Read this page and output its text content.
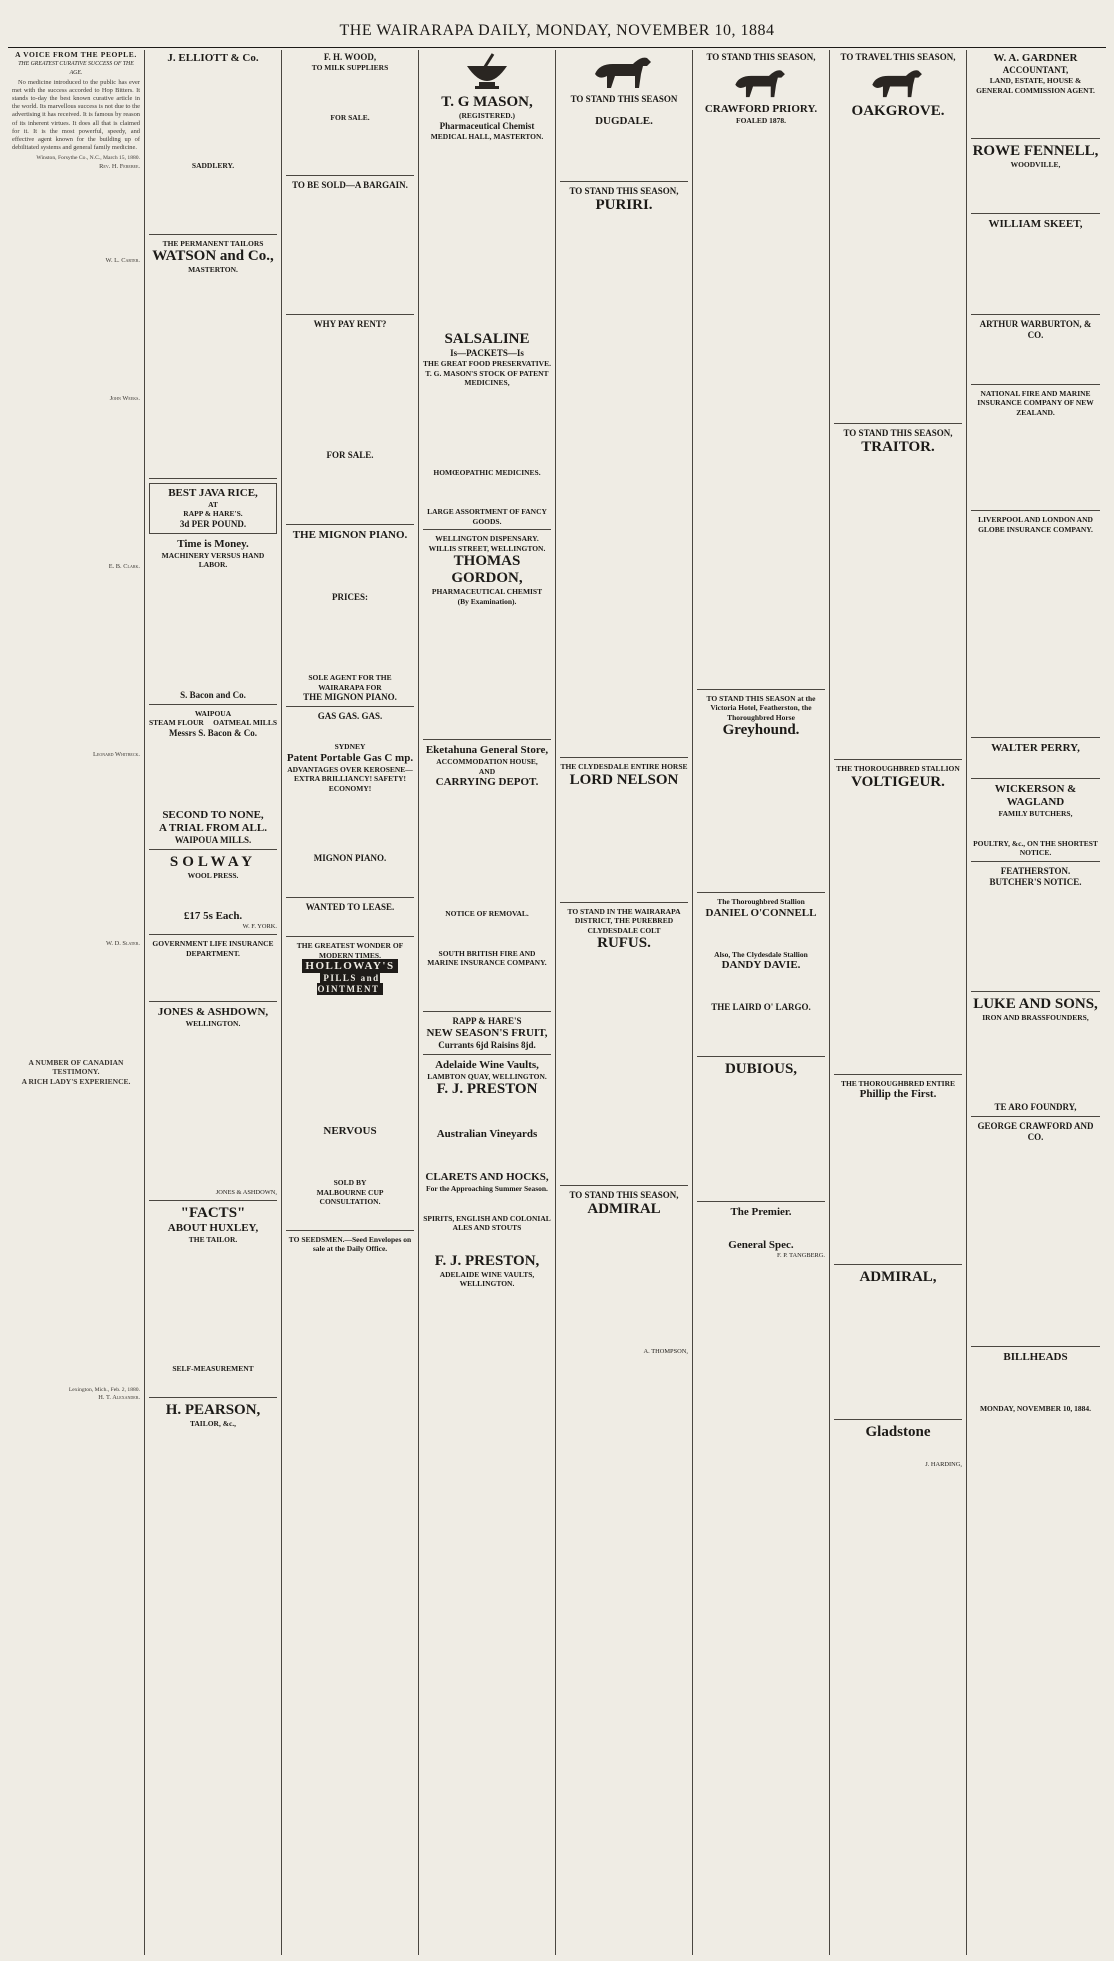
THE WAIRARAPA DAILY, MONDAY, NOVEMBER 10, 1884
A VOICE FROM THE PEOPLE.
THE GREATEST CURATIVE SUCCESS OF THE AGE.

No medicine introduced to the public has ever met with the success accorded to Hop Bitters. It stands to-day the best known curative article in the world. Its marvellous success is not due to the advertising it has received. It is famous by reason of its inherent virtues. It does all that is claimed for it. It is the most powerful, speedy, and effective agent known for the building up of debilitated systems and general family medicine.

Winston, Forsythe Co., N.C., March 15, 1880.
Rev. H. Ferebee.
W. L. Carter.
John Weeks.
E. B. Clark.
Leonard Whitbeck.
W. D. Slater.
A NUMBER OF CANADIAN TESTIMONY.
A RICH LADY'S EXPERIENCE.
Lexington, Mich., Feb. 2, 1880.
H. T. Alexander.
J. ELLIOTT & Co.
SADDLERY.
THE PERMANENT TAILORS
WATSON and Co.,
MASTERTON.
BEST JAVA RICE,
AT
RAPP & HARE'S.
3d PER POUND.
Time is Money.
MACHINERY VERSUS HAND LABOR.
S. Bacon and Co.
WAIPOUA
STEAM FLOUR OATMEAL MILLS
Messrs S. Bacon & Co.
SECOND TO NONE,
A TRIAL FROM ALL.
WAIPOUA MILLS.
SOLWAY
WOOL PRESS.
£17 5s Each.
W. F. YORK.
GOVERNMENT LIFE INSURANCE DEPARTMENT.
JONES & ASHDOWN,
WELLINGTON.
JONES & ASHDOWN,
"FACTS"
ABOUT HUXLEY,
THE TAILOR.
SELF-MEASUREMENT
H. PEARSON,
TAILOR, &c.,
F. H. WOOD,
TO MILK SUPPLIERS
FOR SALE.
TO BE SOLD—A BARGAIN.
WHY PAY RENT?
FOR SALE.
THE MIGNON PIANO.
PRICES:
SOLE AGENT FOR THE WAIRARAPA FOR
THE MIGNON PIANO.
GAS GAS. GAS.
SYDNEY
Patent Portable Gas C mp.
ADVANTAGES OVER KEROSENE—
EXTRA BRILLIANCY! SAFETY! ECONOMY!
MIGNON PIANO.
WANTED TO LEASE.
THE GREATEST WONDER OF MODERN TIMES.
HOLLOWAY'S
PILLS and OINTMENT
NERVOUS
SOLD BY
MALBOURNE CUP CONSULTATION.
TO SEEDSMEN.—Seed Envelopes on sale at the Daily Office.
T. G MASON,
(REGISTERED.)
Pharmaceutical Chemist
MEDICAL HALL, MASTERTON.
SALSALINE
Is—PACKETS—Is
THE GREAT FOOD PRESERVATIVE.
T. G. MASON'S STOCK OF PATENT MEDICINES,
HOMŒOPATHIC MEDICINES.
LARGE ASSORTMENT OF FANCY GOODS.
WELLINGTON DISPENSARY.
WILLIS STREET, WELLINGTON.
THOMAS GORDON,
PHARMACEUTICAL CHEMIST
(By Examination).
Eketahuna General Store,
ACCOMMODATION HOUSE,
AND
CARRYING DEPOT.
NOTICE OF REMOVAL.
SOUTH BRITISH FIRE AND MARINE INSURANCE COMPANY.
RAPP & HARE'S
NEW SEASON'S FRUIT,
Currants 6jd Raisins 8jd.
Adelaide Wine Vaults,
LAMBTON QUAY, WELLINGTON.
F. J. PRESTON
Australian Vineyards
CLARETS AND HOCKS,
For the Approaching Summer Season.
SPIRITS, ENGLISH AND COLONIAL ALES AND STOUTS
F. J. PRESTON,
ADELAIDE WINE VAULTS, WELLINGTON.
TO STAND THIS SEASON
DUGDALE.
TO STAND THIS SEASON,
PURIRI.
THE CLYDESDALE ENTIRE HORSE
LORD NELSON
TO STAND IN THE WAIRARAPA DISTRICT, THE PUREBRED CLYDESDALE COLT
RUFUS.
TO STAND THIS SEASON,
ADMIRAL
A. THOMPSON,
TO STAND THIS SEASON,
CRAWFORD PRIORY.
FOALED 1878.
TO STAND THIS SEASON at the Victoria Hotel, Featherston, the Thoroughbred Horse
Greyhound.
The Thoroughbred Stallion
DANIEL O'CONNELL
Also, The Clydesdale Stallion
DANDY DAVIE.
THE LAIRD O' LARGO.
DUBIOUS,
The Premier.
General Spec.
F. P. TANGBERG.
TO TRAVEL THIS SEASON,
OAKGROVE.
TO STAND THIS SEASON,
TRAITOR.
THE THOROUGHBRED STALLION
VOLTIGEUR.
THE THOROUGHBRED ENTIRE
Phillip the First.
ADMIRAL,
Gladstone
J. HARDING,
W. A. GARDNER
ACCOUNTANT,
LAND, ESTATE, HOUSE & GENERAL COMMISSION AGENT.
ROWE FENNELL,
WOODVILLE,
WILLIAM SKEET,
ARTHUR WARBURTON, & CO.
NATIONAL FIRE AND MARINE INSURANCE COMPANY OF NEW ZEALAND.
LIVERPOOL AND LONDON AND GLOBE INSURANCE COMPANY.
WALTER PERRY,
WICKERSON & WAGLAND
FAMILY BUTCHERS,
POULTRY, &c., ON THE SHORTEST NOTICE.
FEATHERSTON.
BUTCHER'S NOTICE.
LUKE AND SONS,
IRON AND BRASSFOUNDERS,
TE ARO FOUNDRY,
GEORGE CRAWFORD AND CO.
BILLHEADS
MONDAY, NOVEMBER 10, 1884.
